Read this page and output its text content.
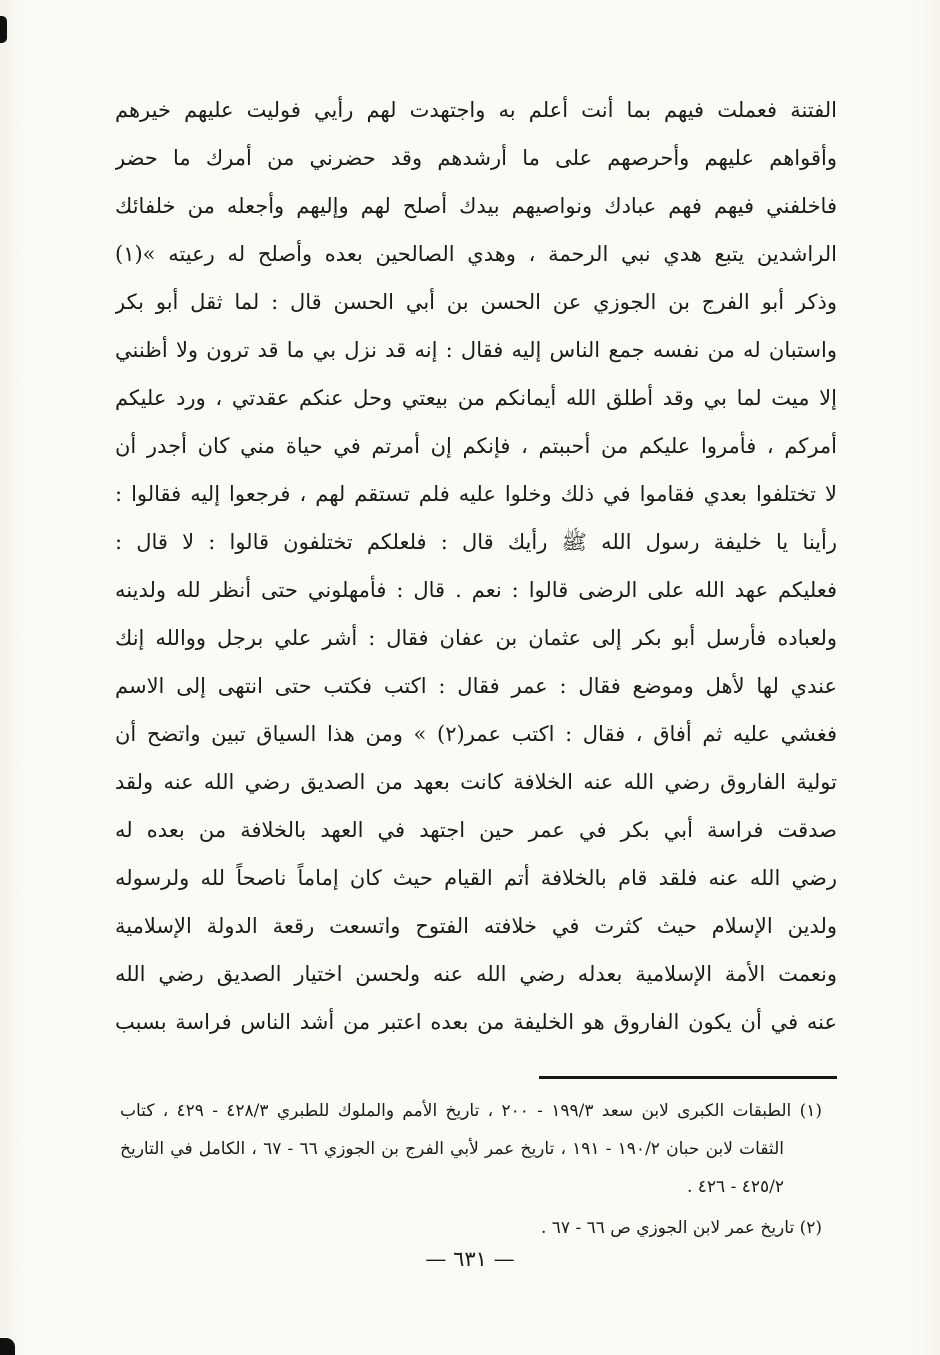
الفتنة فعملت فيهم بما أنت أعلم به واجتهدت لهم رأيي فوليت عليهم خيرهم

وأقواهم عليهم وأحرصهم على ما أرشدهم وقد حضرني من أمرك ما حضر

فاخلفني فيهم فهم عبادك ونواصيهم بيدك أصلح لهم وإليهم وأجعله من خلفائك

الراشدين يتبع هدي نبي الرحمة ، وهدي الصالحين بعده وأصلح له رعيته »(١)

وذكر أبو الفرج بن الجوزي عن الحسن بن أبي الحسن قال : لما ثقل أبو بكر

واستبان له من نفسه جمع الناس إليه فقال : إنه قد نزل بي ما قد ترون ولا أظنني

إلا ميت لما بي وقد أطلق الله أيمانكم من بيعتي وحل عنكم عقدتي ، ورد عليكم

أمركم ، فأمروا عليكم من أحببتم ، فإنكم إن أمرتم في حياة مني كان أجدر أن

لا تختلفوا بعدي فقاموا في ذلك وخلوا عليه فلم تستقم لهم ، فرجعوا إليه فقالوا :

رأينا يا خليفة رسول الله ﷺ رأيك قال : فلعلكم تختلفون قالوا : لا قال :

فعليكم عهد الله على الرضى قالوا : نعم . قال : فأمهلوني حتى أنظر لله ولدينه

ولعباده فأرسل أبو بكر إلى عثمان بن عفان فقال : أشر علي برجل ووالله إنك

عندي لها لأهل وموضع فقال : عمر فقال : اكتب فكتب حتى انتهى إلى الاسم

فغشي عليه ثم أفاق ، فقال : اكتب عمر(٢) » ومن هذا السياق تبين واتضح أن

تولية الفاروق رضي الله عنه الخلافة كانت بعهد من الصديق رضي الله عنه ولقد

صدقت فراسة أبي بكر في عمر حين اجتهد في العهد بالخلافة من بعده له

رضي الله عنه فلقد قام بالخلافة أتم القيام حيث كان إماماً ناصحاً لله ولرسوله

ولدين الإسلام حيث كثرت في خلافته الفتوح واتسعت رقعة الدولة الإسلامية

ونعمت الأمة الإسلامية بعدله رضي الله عنه ولحسن اختيار الصديق رضي الله

عنه في أن يكون الفاروق هو الخليفة من بعده اعتبر من أشد الناس فراسة بسبب

(١) الطبقات الكبرى لابن سعد ١٩٩/٣ - ٢٠٠ ، تاريخ الأمم والملوك للطبري ٤٢٨/٣ - ٤٢٩ ، كتاب الثقات لابن حبان ١٩٠/٢ - ١٩١ ، تاريخ عمر لأبي الفرج بن الجوزي ٦٦ - ٦٧ ، الكامل في التاريخ ٤٢٥/٢ - ٤٢٦ .

(٢) تاريخ عمر لابن الجوزي ص ٦٦ - ٦٧ .

— ٦٣١ —
